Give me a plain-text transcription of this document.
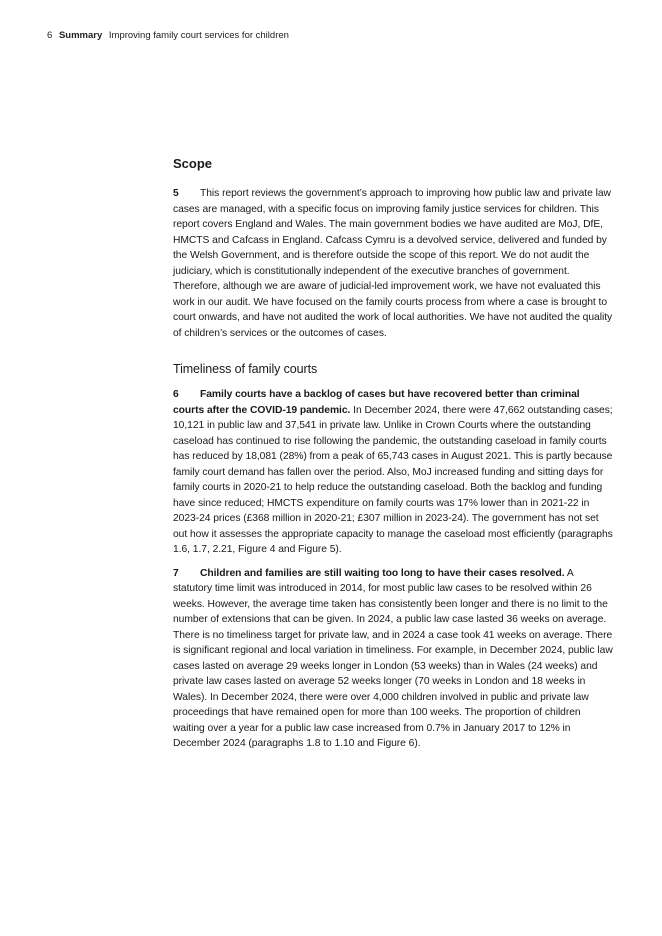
6 Summary Improving family court services for children
Scope

5 This report reviews the government’s approach to improving how public law and private law cases are managed, with a specific focus on improving family justice services for children. This report covers England and Wales. The main government bodies we have audited are MoJ, DfE, HMCTS and Cafcass in England. Cafcass Cymru is a devolved service, delivered and funded by the Welsh Government, and is therefore outside the scope of this report. We do not audit the judiciary, which is constitutionally independent of the executive branches of government. Therefore, although we are aware of judicial-led improvement work, we have not evaluated this work in our audit. We have focused on the family courts process from where a case is brought to court onwards, and have not audited the work of local authorities. We have not audited the quality of children’s services or the outcomes of cases.

Timeliness of family courts

6 Family courts have a backlog of cases but have recovered better than criminal courts after the COVID-19 pandemic. In December 2024, there were 47,662 outstanding cases; 10,121 in public law and 37,541 in private law. Unlike in Crown Courts where the outstanding caseload has continued to rise following the pandemic, the outstanding caseload in family courts has reduced by 18,081 (28%) from a peak of 65,743 cases in August 2021. This is partly because family court demand has fallen over the period. Also, MoJ increased funding and sitting days for family courts in 2020-21 to help reduce the outstanding caseload. Both the backlog and funding have since reduced; HMCTS expenditure on family courts was 17% lower than in 2021-22 in 2023-24 prices (£368 million in 2020-21; £307 million in 2023-24). The government has not set out how it assesses the appropriate capacity to manage the caseload most efficiently (paragraphs 1.6, 1.7, 2.21, Figure 4 and Figure 5).

7 Children and families are still waiting too long to have their cases resolved. A statutory time limit was introduced in 2014, for most public law cases to be resolved within 26 weeks. However, the average time taken has consistently been longer and there is no limit to the number of extensions that can be given. In 2024, a public law case lasted 36 weeks on average. There is no timeliness target for private law, and in 2024 a case took 41 weeks on average. There is significant regional and local variation in timeliness. For example, in December 2024, public law cases lasted on average 29 weeks longer in London (53 weeks) than in Wales (24 weeks) and private law cases lasted on average 52 weeks longer (70 weeks in London and 18 weeks in Wales). In December 2024, there were over 4,000 children involved in public and private law proceedings that have remained open for more than 100 weeks. The proportion of children waiting over a year for a public law case increased from 0.7% in January 2017 to 12% in December 2024 (paragraphs 1.8 to 1.10 and Figure 6).
